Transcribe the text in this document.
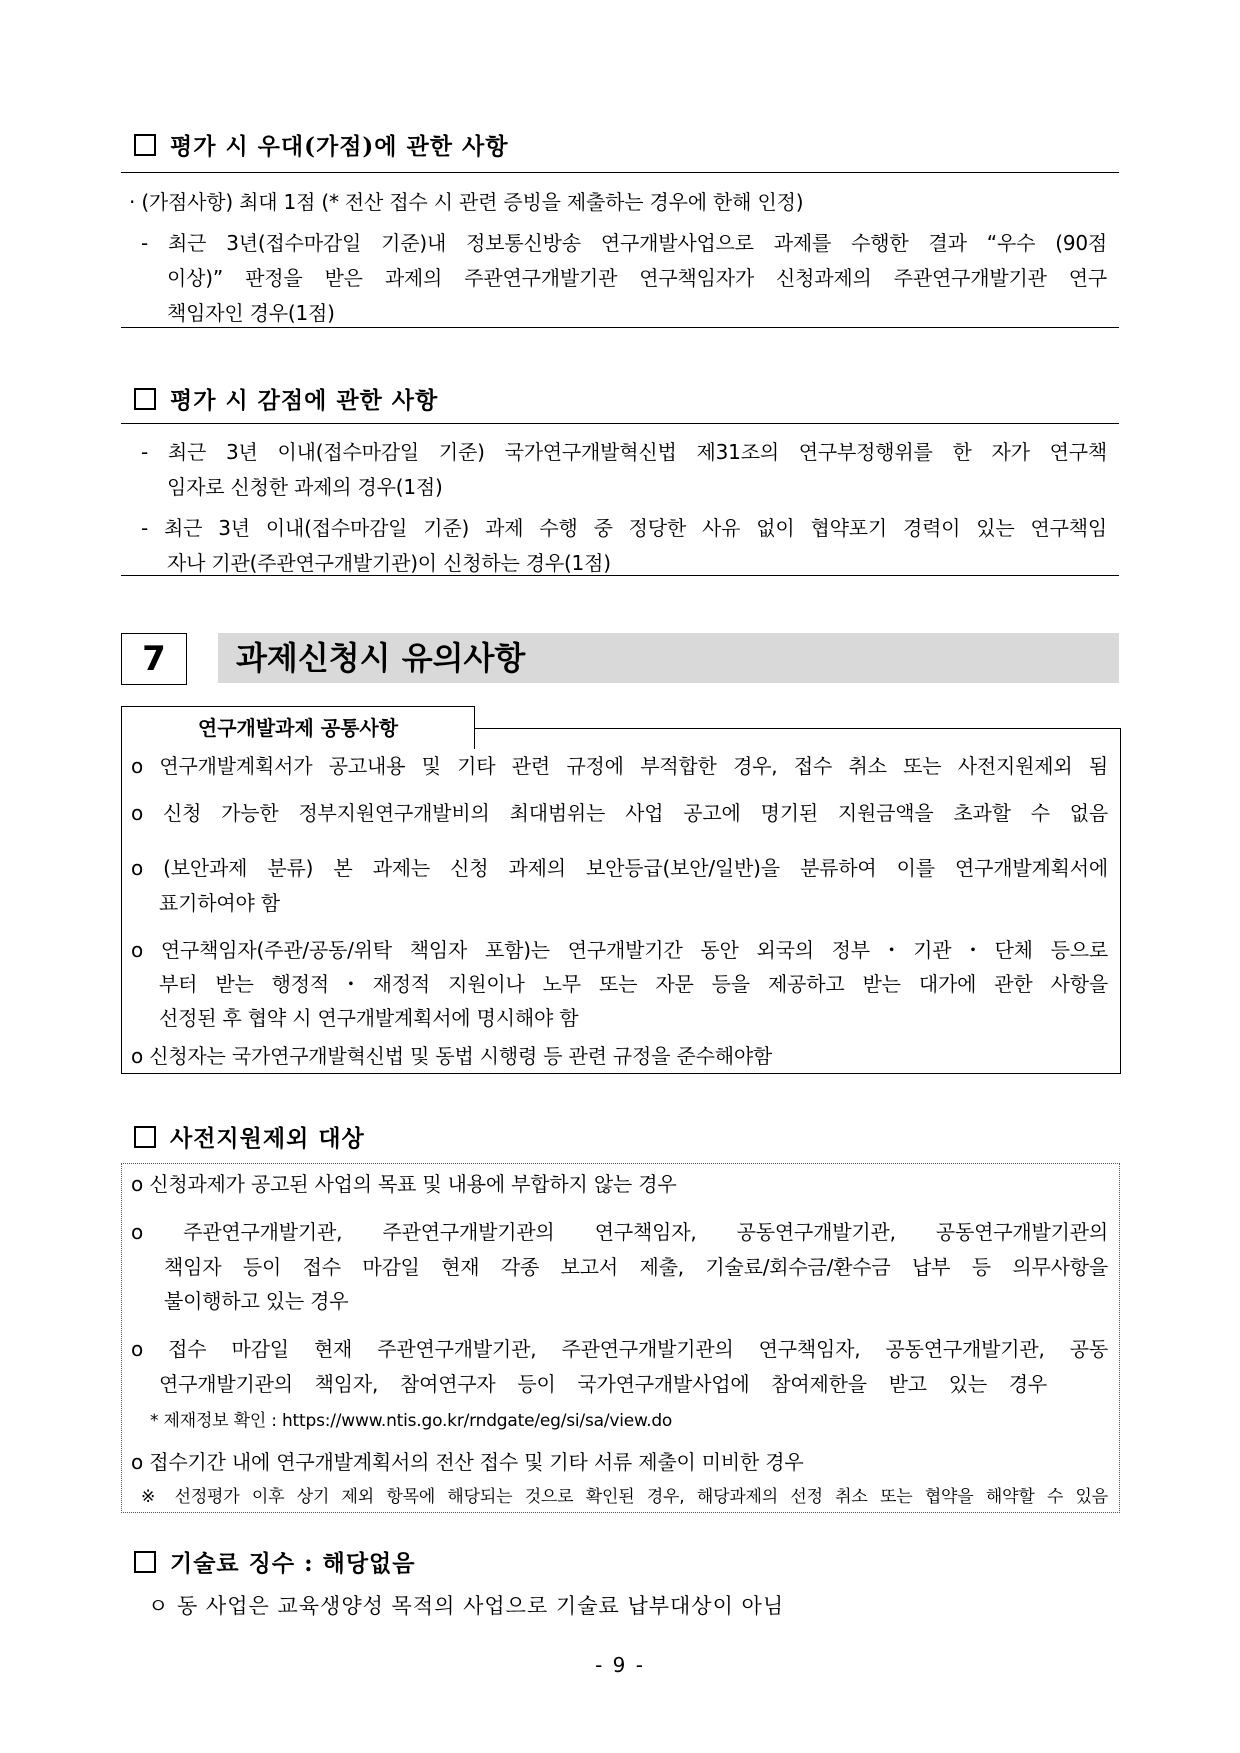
평가 시 우대(가점)에 관한 사항
· (가점사항) 최대 1점 (* 전산 접수 시 관련 증빙을 제출하는 경우에 한해 인정)
- 최근 3년(접수마감일 기준)내 정보통신방송 연구개발사업으로 과제를 수행한 결과 “우수 (90점
이상)” 판정을 받은 과제의 주관연구개발기관 연구책임자가 신청과제의 주관연구개발기관 연구
책임자인 경우(1점)
평가 시 감점에 관한 사항
- 최근 3년 이내(접수마감일 기준) 국가연구개발혁신법 제31조의 연구부정행위를 한 자가 연구책
임자로 신청한 과제의 경우(1점)
- 최근 3년 이내(접수마감일 기준) 과제 수행 중 정당한 사유 없이 협약포기 경력이 있는 연구책임
자나 기관(주관연구개발기관)이 신청하는 경우(1점)
7	과제신청시 유의사항
연구개발과제 공통사항
o 연구개발계획서가 공고내용 및 기타 관련 규정에 부적합한 경우, 접수 취소 또는 사전지원제외 됨
o 신청 가능한 정부지원연구개발비의 최대범위는 사업 공고에 명기된 지원금액을 초과할 수 없음
o (보안과제 분류) 본 과제는 신청 과제의 보안등급(보안/일반)을 분류하여 이를 연구개발계획서에
표기하여야 함
o 연구책임자(주관/공동/위탁 책임자 포함)는 연구개발기간 동안 외국의 정부・기관・단체 등으로
부터 받는 행정적・재정적 지원이나 노무 또는 자문 등을 제공하고 받는 대가에 관한 사항을
선정된 후 협약 시 연구개발계획서에 명시해야 함
o 신청자는 국가연구개발혁신법 및 동법 시행령 등 관련 규정을 준수해야함
사전지원제외 대상
o 신청과제가 공고된 사업의 목표 및 내용에 부합하지 않는 경우
o 주관연구개발기관, 주관연구개발기관의 연구책임자, 공동연구개발기관, 공동연구개발기관의
책임자 등이 접수 마감일 현재 각종 보고서 제출, 기술료/회수금/환수금 납부 등 의무사항을
불이행하고 있는 경우
o 접수 마감일 현재 주관연구개발기관, 주관연구개발기관의 연구책임자, 공동연구개발기관, 공동
연구개발기관의 책임자, 참여연구자 등이 국가연구개발사업에 참여제한을 받고 있는 경우
* 제재정보 확인 : https://www.ntis.go.kr/rndgate/eg/si/sa/view.do
o 접수기간 내에 연구개발계획서의 전산 접수 및 기타 서류 제출이 미비한 경우
※ 선정평가 이후 상기 제외 항목에 해당되는 것으로 확인된 경우, 해당과제의 선정 취소 또는 협약을 해약할 수 있음
기술료 징수 : 해당없음
ㅇ 동 사업은 교육생양성 목적의 사업으로 기술료 납부대상이 아님
- 9 -
